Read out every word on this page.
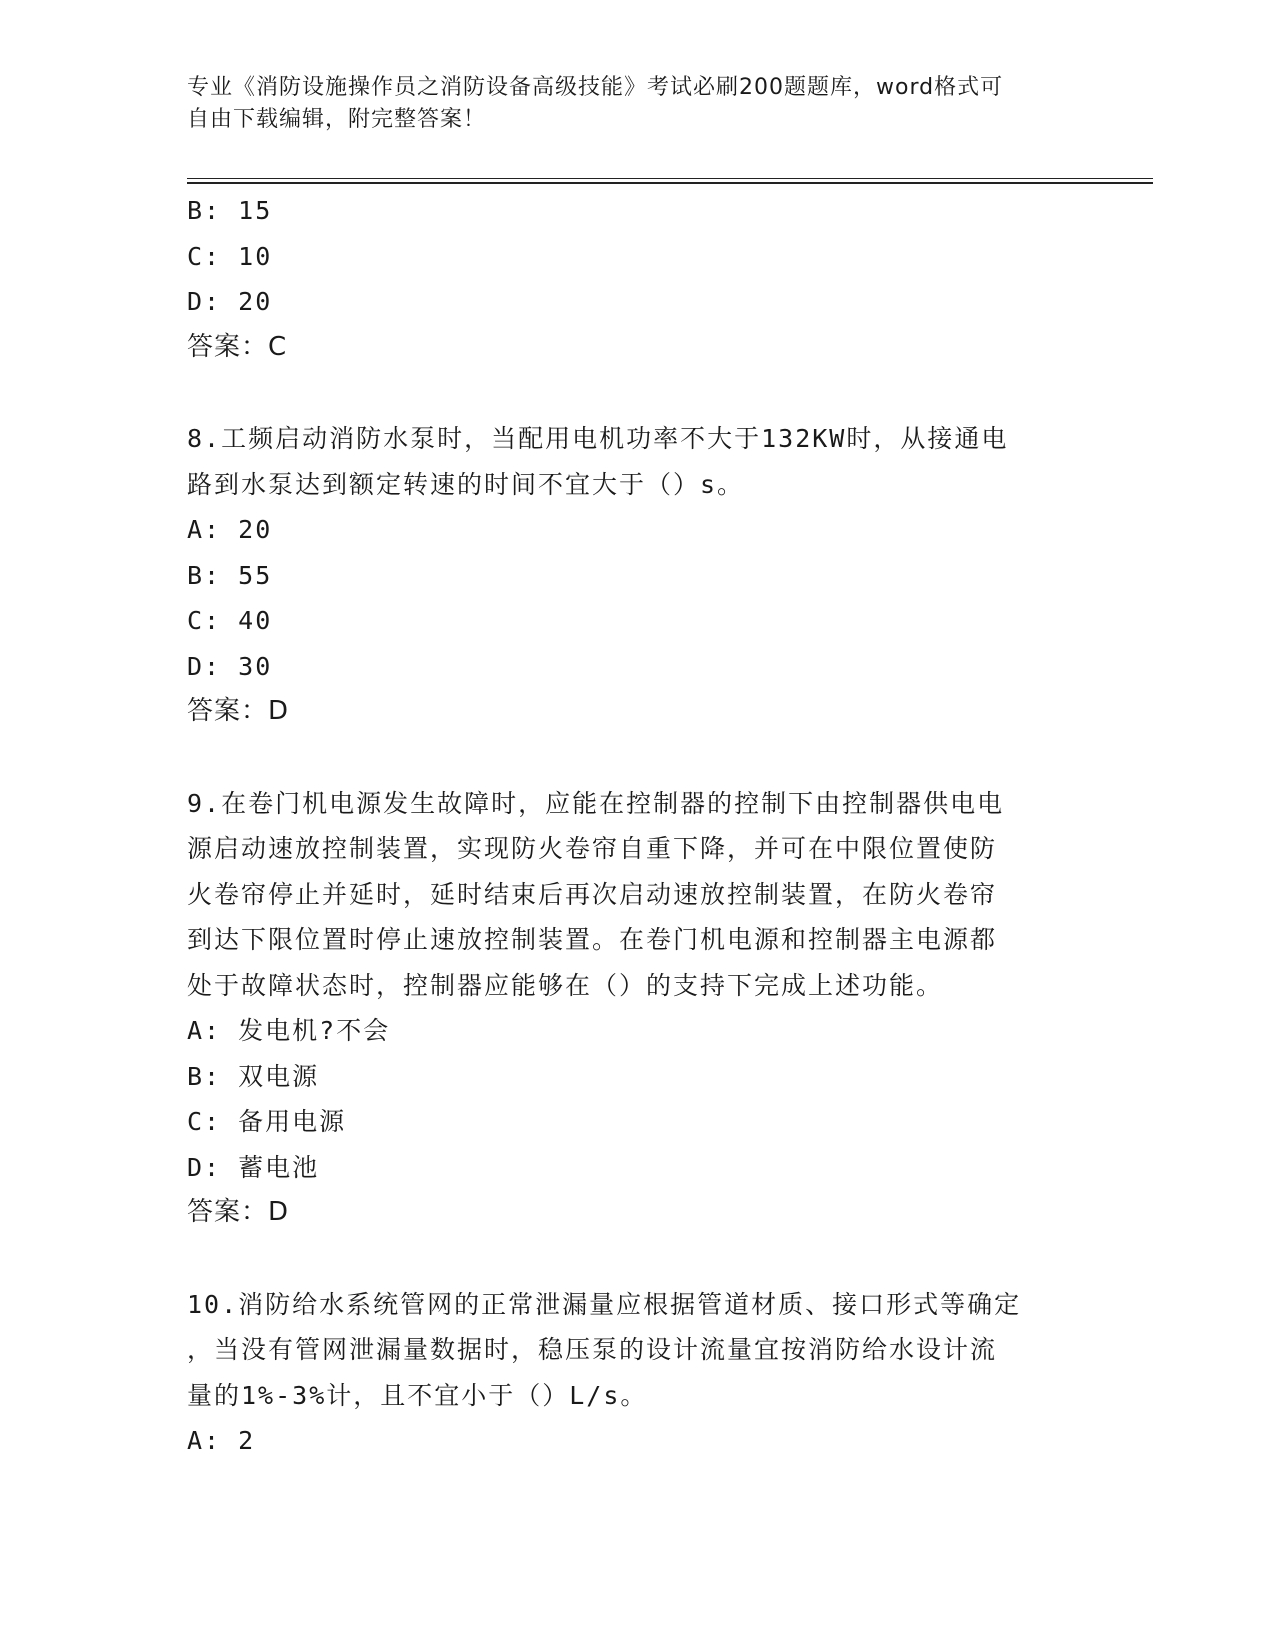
专业《消防设施操作员之消防设备高级技能》考试必刷200题题库，word格式可
自由下载编辑，附完整答案！
B: 15
C: 10
D: 20
答案：C
8.工频启动消防水泵时，当配用电机功率不大于132KW时，从接通电
路到水泵达到额定转速的时间不宜大于（）s。
A: 20
B: 55
C: 40
D: 30
答案：D
9.在卷门机电源发生故障时，应能在控制器的控制下由控制器供电电
源启动速放控制装置，实现防火卷帘自重下降，并可在中限位置使防
火卷帘停止并延时，延时结束后再次启动速放控制装置，在防火卷帘
到达下限位置时停止速放控制装置。在卷门机电源和控制器主电源都
处于故障状态时，控制器应能够在（）的支持下完成上述功能。
A: 发电机?不会
B: 双电源
C: 备用电源
D: 蓄电池
答案：D
10.消防给水系统管网的正常泄漏量应根据管道材质、接口形式等确定
，当没有管网泄漏量数据时，稳压泵的设计流量宜按消防给水设计流
量的1%-3%计，且不宜小于（）L/s。
A: 2
